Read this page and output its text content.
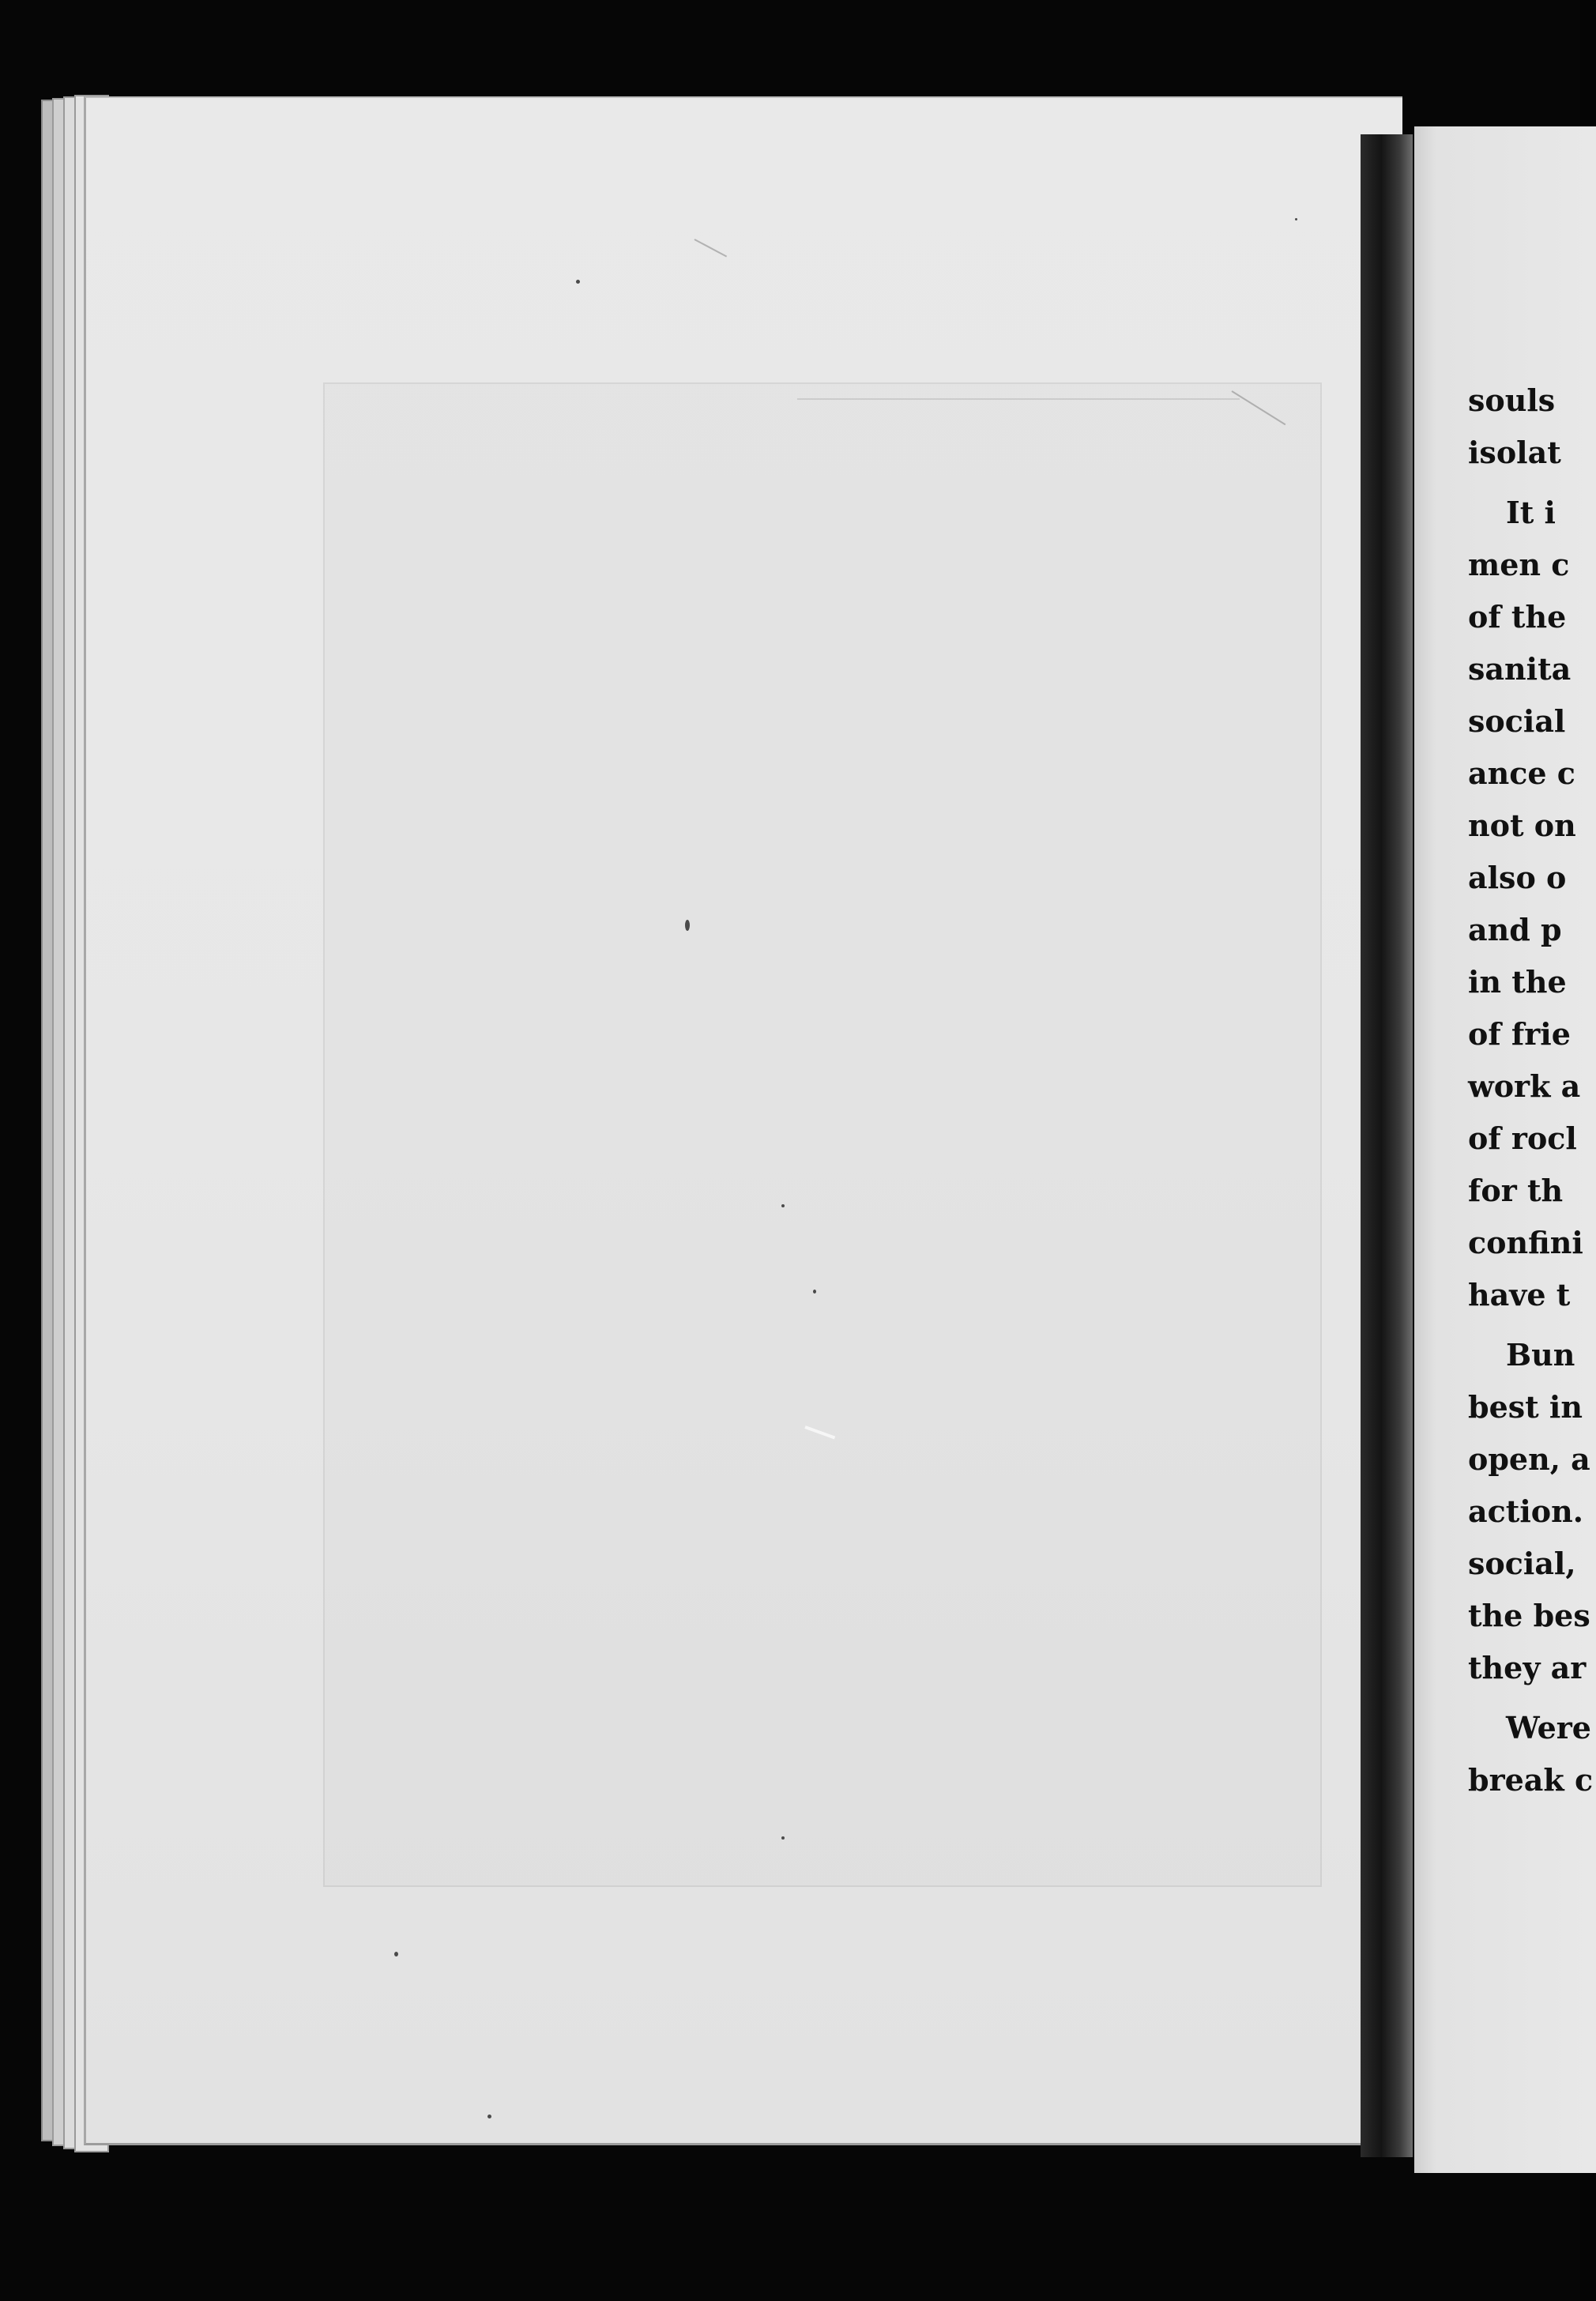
souls
isolat
It i
men c
of the
sanita
social
ance c
not on
also o
and p
in the
of frie
work a
of rocl
for th
confini
have t
Bun
best in
open, a
action.
social,
the bes
they ar
Were
break c
